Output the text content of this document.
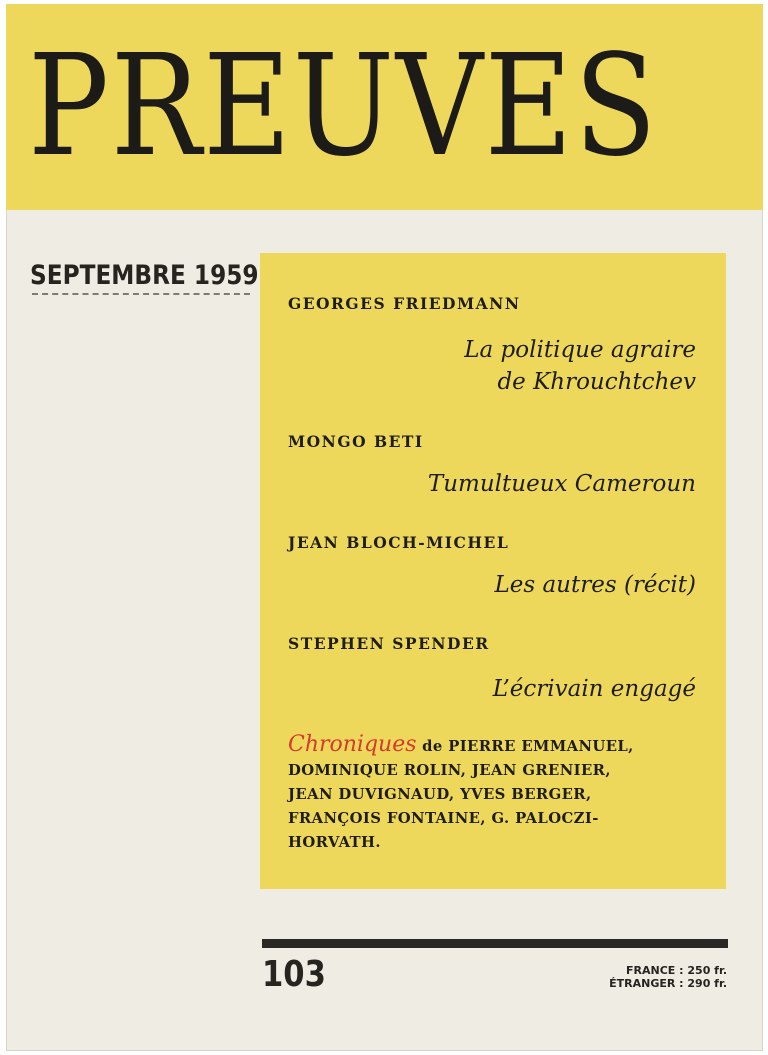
PREUVES
SEPTEMBRE 1959
GEORGES FRIEDMANN
La politique agraire
de Khrouchtchev
MONGO BETI
Tumultueux Cameroun
JEAN BLOCH-MICHEL
Les autres (récit)
STEPHEN SPENDER
L’écrivain engagé
Chroniques de PIERRE EMMANUEL,
DOMINIQUE ROLIN, JEAN GRENIER,
JEAN DUVIGNAUD, YVES BERGER,
FRANÇOIS FONTAINE, G. PALOCZI-
HORVATH.
103	FRANCE : 250 fr.
ÉTRANGER : 290 fr.
